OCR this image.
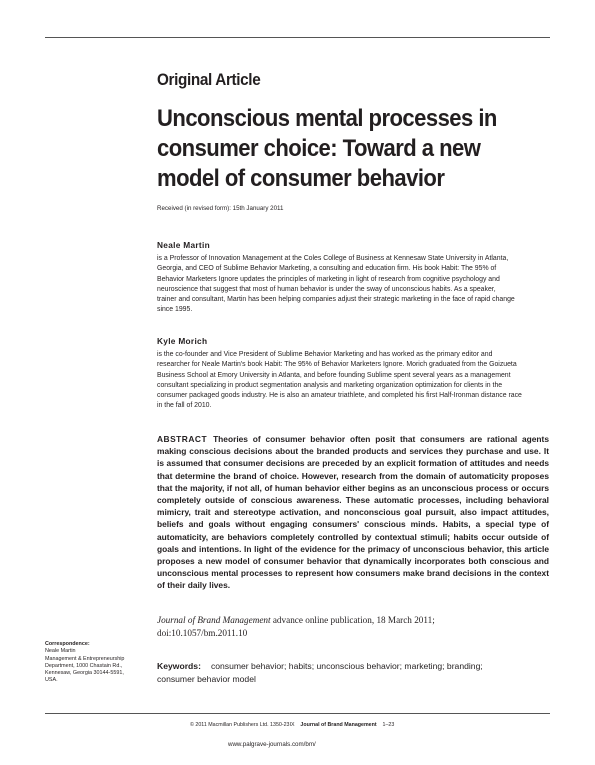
Original Article
Unconscious mental processes in
consumer choice: Toward a new
model of consumer behavior
Received (in revised form): 15th January 2011
Neale Martin
is a Professor of Innovation Management at the Coles College of Business at Kennesaw State University in Atlanta,
Georgia, and CEO of Sublime Behavior Marketing, a consulting and education firm. His book Habit: The 95% of
Behavior Marketers Ignore updates the principles of marketing in light of research from cognitive psychology and
neuroscience that suggest that most of human behavior is under the sway of unconscious habits. As a speaker,
trainer and consultant, Martin has been helping companies adjust their strategic marketing in the face of rapid change
since 1995.
Kyle Morich
is the co-founder and Vice President of Sublime Behavior Marketing and has worked as the primary editor and
researcher for Neale Martin's book Habit: The 95% of Behavior Marketers Ignore. Morich graduated from the Goizueta
Business School at Emory University in Atlanta, and before founding Sublime spent several years as a management
consultant specializing in product segmentation analysis and marketing organization optimization for clients in the
consumer packaged goods industry. He is also an amateur triathlete, and completed his first Half-Ironman distance race
in the fall of 2010.
ABSTRACT Theories of consumer behavior often posit that consumers are rational agents making conscious decisions about the branded products and services they purchase and use. It is assumed that consumer decisions are preceded by an explicit formation of attitudes and needs that determine the brand of choice. However, research from the domain of automaticity proposes that the majority, if not all, of human behavior either begins as an unconscious process or occurs completely outside of conscious awareness. These automatic processes, including behavioral mimicry, trait and stereotype activation, and nonconscious goal pursuit, also impact attitudes, beliefs and goals without engaging consumers' conscious minds. Habits, a special type of automaticity, are behaviors completely controlled by contextual stimuli; habits occur outside of goals and intentions. In light of the evidence for the primacy of unconscious behavior, this article proposes a new model of consumer behavior that dynamically incorporates both conscious and unconscious mental processes to represent how consumers make brand decisions in the context of their daily lives.
Journal of Brand Management advance online publication, 18 March 2011;
doi:10.1057/bm.2011.10
Keywords: consumer behavior; habits; unconscious behavior; marketing; branding;
consumer behavior model
Correspondence:
Neale Martin
Management & Entrepreneurship
Department, 1000 Chastain Rd.,
Kennesaw, Georgia 30144-5591,
USA.
© 2011 Macmillan Publishers Ltd. 1350-23IX Journal of Brand Management 1–23
www.palgrave-journals.com/bm/
